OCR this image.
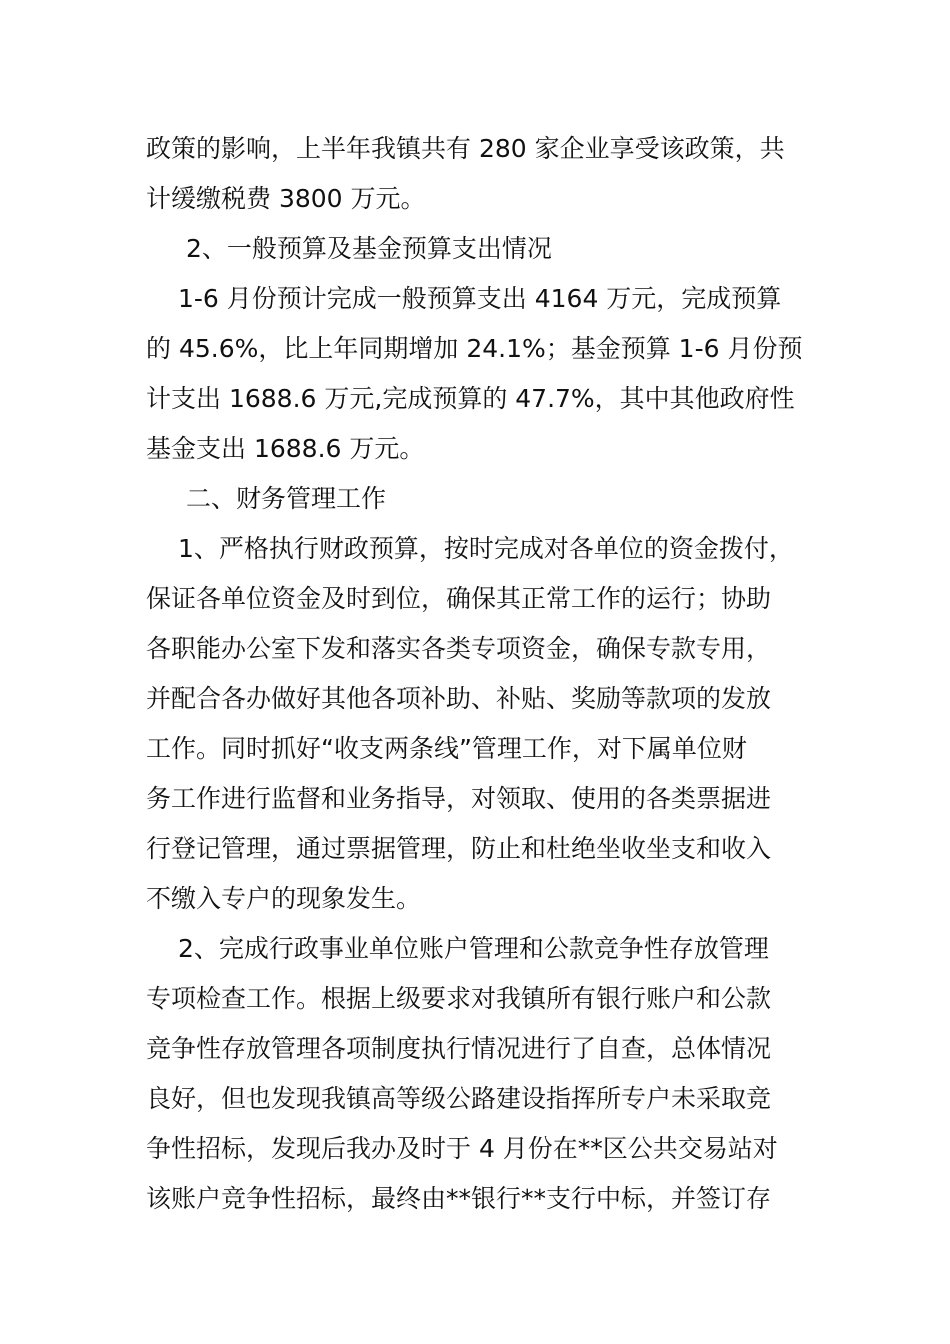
政策的影响，上半年我镇共有 280 家企业享受该政策，共

计缓缴税费 3800 万元。

2、一般预算及基金预算支出情况

1-6 月份预计完成一般预算支出 4164 万元，完成预算

的 45.6%，比上年同期增加 24.1%；基金预算 1-6 月份预

计支出 1688.6 万元,完成预算的 47.7%，其中其他政府性

基金支出 1688.6 万元。

二、财务管理工作

1、严格执行财政预算，按时完成对各单位的资金拨付，

保证各单位资金及时到位，确保其正常工作的运行；协助

各职能办公室下发和落实各类专项资金，确保专款专用，

并配合各办做好其他各项补助、补贴、奖励等款项的发放

工作。同时抓好“收支两条线”管理工作，对下属单位财

务工作进行监督和业务指导，对领取、使用的各类票据进

行登记管理，通过票据管理，防止和杜绝坐收坐支和收入

不缴入专户的现象发生。

2、完成行政事业单位账户管理和公款竞争性存放管理

专项检查工作。根据上级要求对我镇所有银行账户和公款

竞争性存放管理各项制度执行情况进行了自查，总体情况

良好，但也发现我镇高等级公路建设指挥所专户未采取竞

争性招标，发现后我办及时于 4 月份在**区公共交易站对

该账户竞争性招标，最终由**银行**支行中标，并签订存
